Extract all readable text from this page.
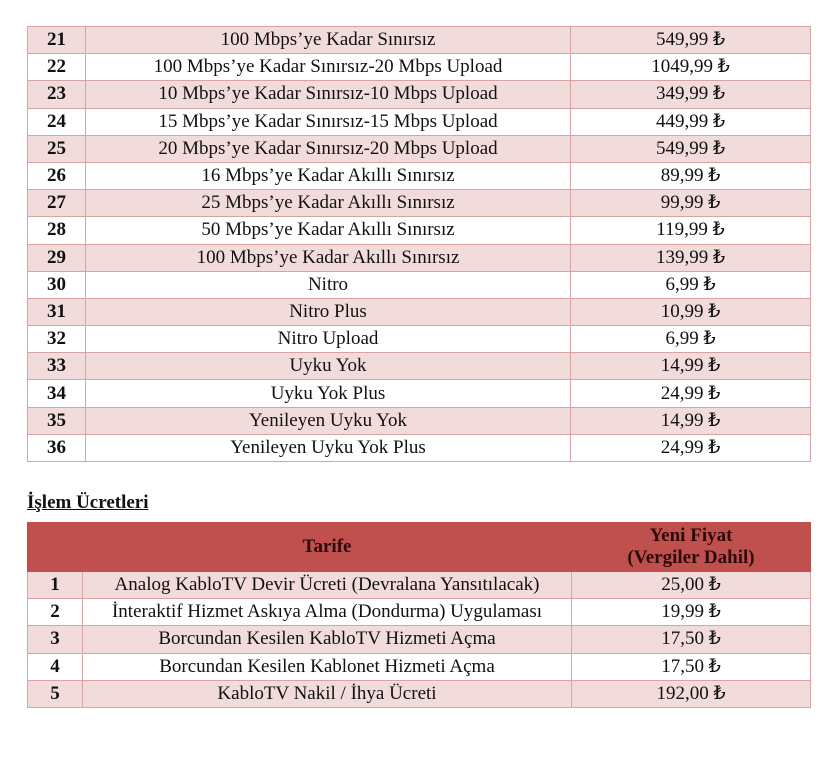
21	100 Mbps’ye Kadar Sınırsız	549,99 ₺
22	100 Mbps’ye Kadar Sınırsız-20 Mbps Upload	1049,99 ₺
23	10 Mbps’ye Kadar Sınırsız-10 Mbps Upload	349,99 ₺
24	15 Mbps’ye Kadar Sınırsız-15 Mbps Upload	449,99 ₺
25	20 Mbps’ye Kadar Sınırsız-20 Mbps Upload	549,99 ₺
26	16 Mbps’ye Kadar Akıllı Sınırsız	89,99 ₺
27	25 Mbps’ye Kadar Akıllı Sınırsız	99,99 ₺
28	50 Mbps’ye Kadar Akıllı Sınırsız	119,99 ₺
29	100 Mbps’ye Kadar Akıllı Sınırsız	139,99 ₺
30	Nitro	6,99 ₺
31	Nitro Plus	10,99 ₺
32	Nitro Upload	6,99 ₺
33	Uyku Yok	14,99 ₺
34	Uyku Yok Plus	24,99 ₺
35	Yenileyen Uyku Yok	14,99 ₺
36	Yenileyen Uyku Yok Plus	24,99 ₺

İşlem Ücretleri

	Tarife	Yeni Fiyat
(Vergiler Dahil)
1	Analog KabloTV Devir Ücreti (Devralana Yansıtılacak)	25,00 ₺
2	İnteraktif Hizmet Askıya Alma (Dondurma) Uygulaması	19,99 ₺
3	Borcundan Kesilen KabloTV Hizmeti Açma	17,50 ₺
4	Borcundan Kesilen Kablonet Hizmeti Açma	17,50 ₺
5	KabloTV Nakil / İhya Ücreti	192,00 ₺
